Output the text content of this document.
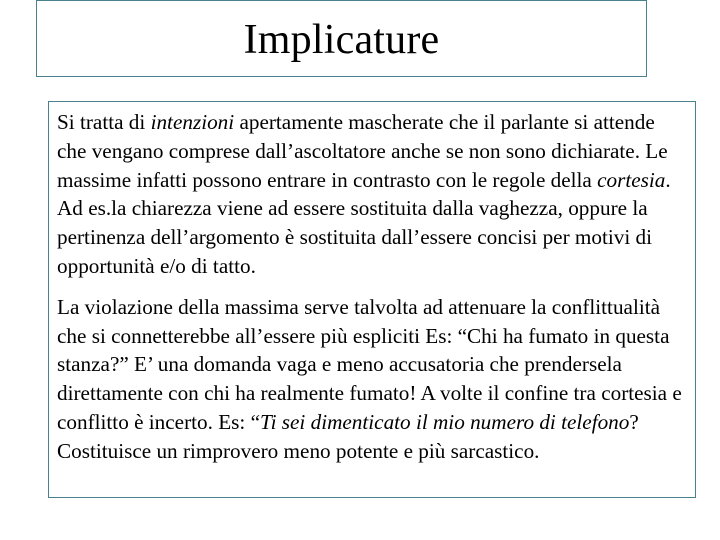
Implicature

Si tratta di intenzioni apertamente mascherate che il parlante si attende che vengano comprese dall’ascoltatore anche se non sono dichiarate. Le massime infatti possono entrare in contrasto con le regole della cortesia. Ad es.la chiarezza viene ad essere sostituita dalla vaghezza, oppure la pertinenza dell’argomento è sostituita dall’essere concisi per motivi di opportunità e/o di tatto.

La violazione della massima serve talvolta ad attenuare la conflittualità che si connetterebbe all’essere più espliciti Es: “Chi ha fumato in questa stanza?” E’ una domanda vaga e meno accusatoria che prendersela direttamente con chi ha realmente fumato! A volte il confine tra cortesia e conflitto è incerto. Es: “Ti sei dimenticato il mio numero di telefono? Costituisce un rimprovero meno potente e più sarcastico.
